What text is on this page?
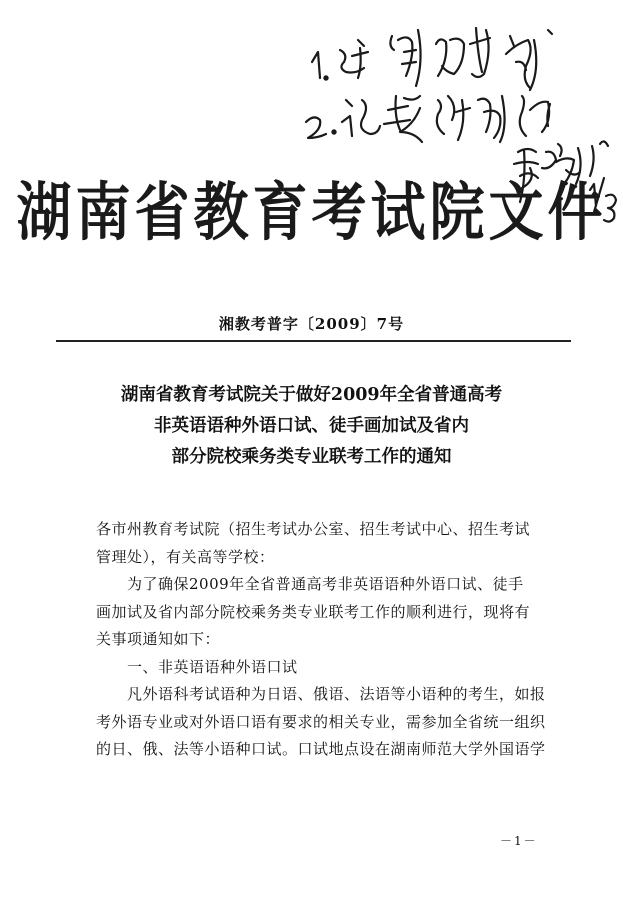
湖南省教育考试院文件
湘教考普字〔2009〕7号
湖南省教育考试院关于做好2009年全省普通高考
非英语语种外语口试、徒手画加试及省内
部分院校乘务类专业联考工作的通知

各市州教育考试院（招生考试办公室、招生考试中心、招生考试

管理处），有关高等学校：

　　为了确保2009年全省普通高考非英语语种外语口试、徒手

画加试及省内部分院校乘务类专业联考工作的顺利进行，现将有

关事项通知如下：

　　一、非英语语种外语口试

　　凡外语科考试语种为日语、俄语、法语等小语种的考生，如报

考外语专业或对外语口语有要求的相关专业，需参加全省统一组织

的日、俄、法等小语种口试。口试地点设在湖南师范大学外国语学

－1－
